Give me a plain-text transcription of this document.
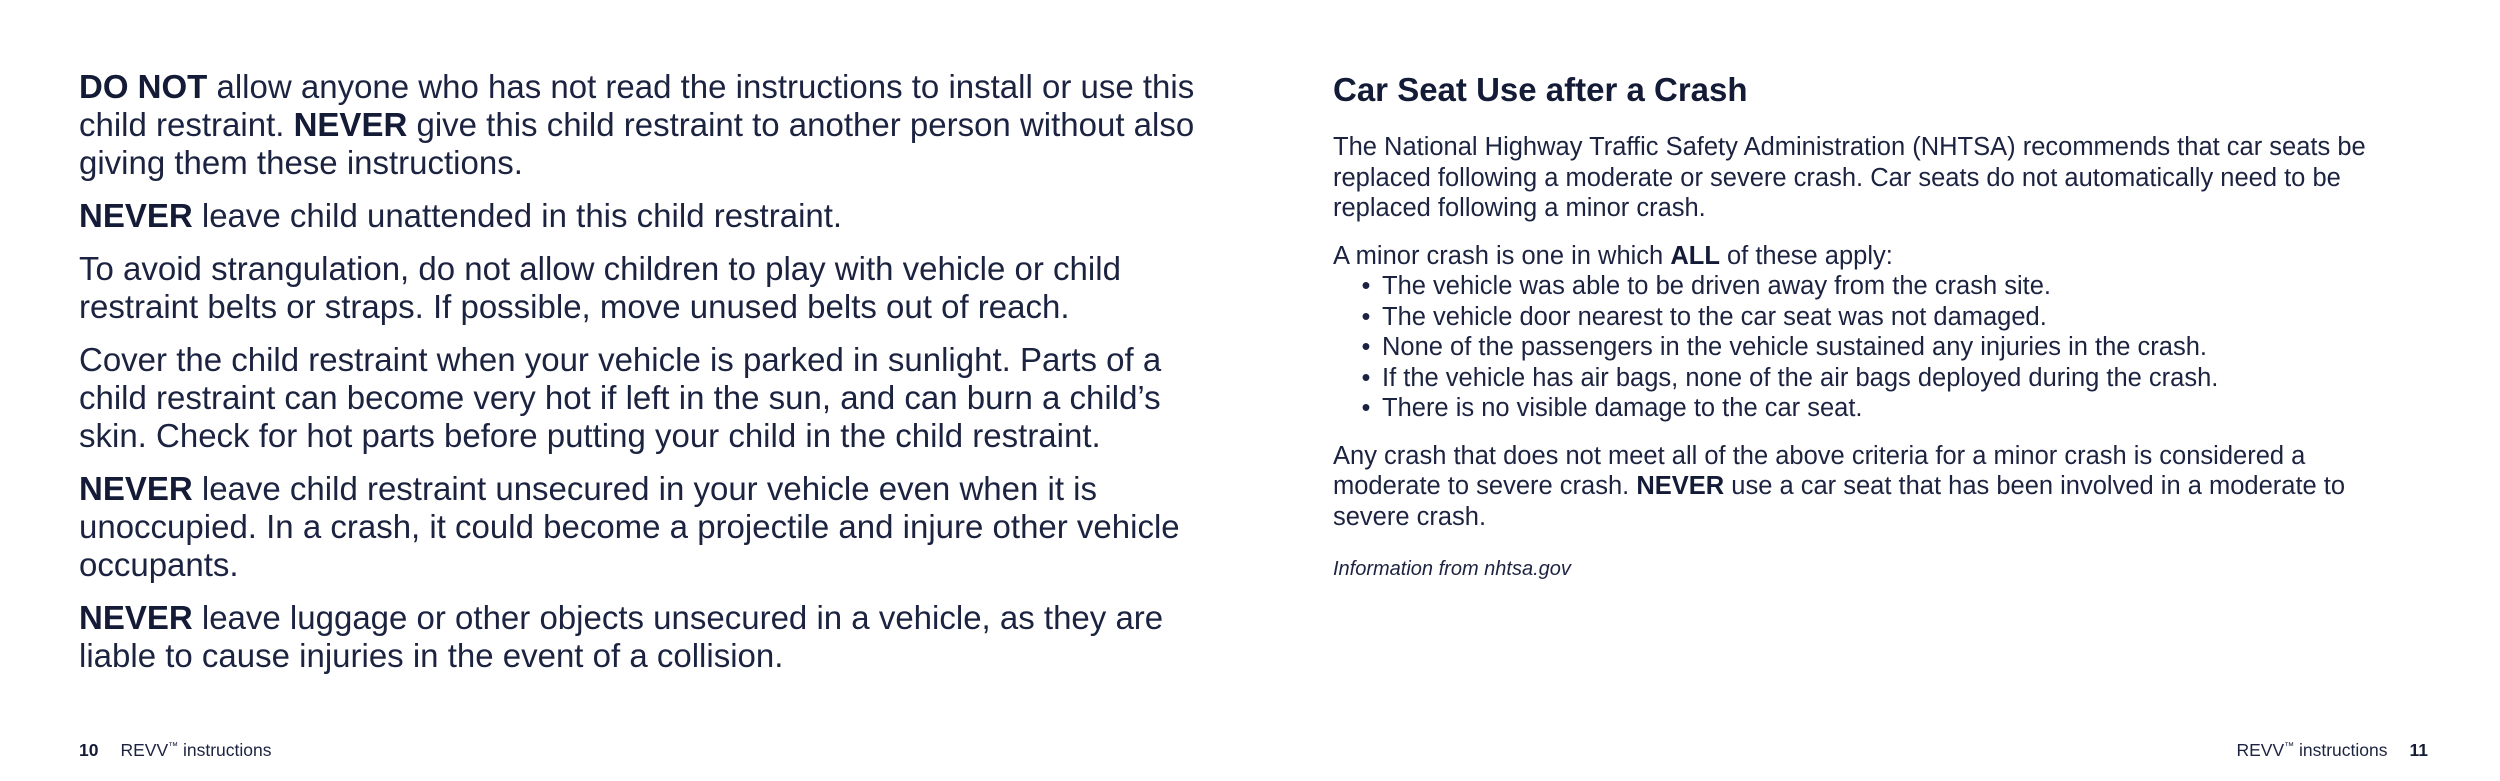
DO NOT allow anyone who has not read the instructions to install or use this child restraint. NEVER give this child restraint to another person without also giving them these instructions.

NEVER leave child unattended in this child restraint.

To avoid strangulation, do not allow children to play with vehicle or child restraint belts or straps. If possible, move unused belts out of reach.

Cover the child restraint when your vehicle is parked in sunlight. Parts of a child restraint can become very hot if left in the sun, and can burn a child’s skin. Check for hot parts before putting your child in the child restraint.

NEVER leave child restraint unsecured in your vehicle even when it is unoccupied. In a crash, it could become a projectile and injure other vehicle occupants.

NEVER leave luggage or other objects unsecured in a vehicle, as they are liable to cause injuries in the event of a collision.

10 REVV™ instructions
Car Seat Use after a Crash

The National Highway Traffic Safety Administration (NHTSA) recommends that car seats be replaced following a moderate or severe crash. Car seats do not automatically need to be replaced following a minor crash.

A minor crash is one in which ALL of these apply:

• The vehicle was able to be driven away from the crash site.
• The vehicle door nearest to the car seat was not damaged.
• None of the passengers in the vehicle sustained any injuries in the crash.
• If the vehicle has air bags, none of the air bags deployed during the crash.
• There is no visible damage to the car seat.

Any crash that does not meet all of the above criteria for a minor crash is considered a moderate to severe crash. NEVER use a car seat that has been involved in a moderate to severe crash.

Information from nhtsa.gov

REVV™ instructions 11
